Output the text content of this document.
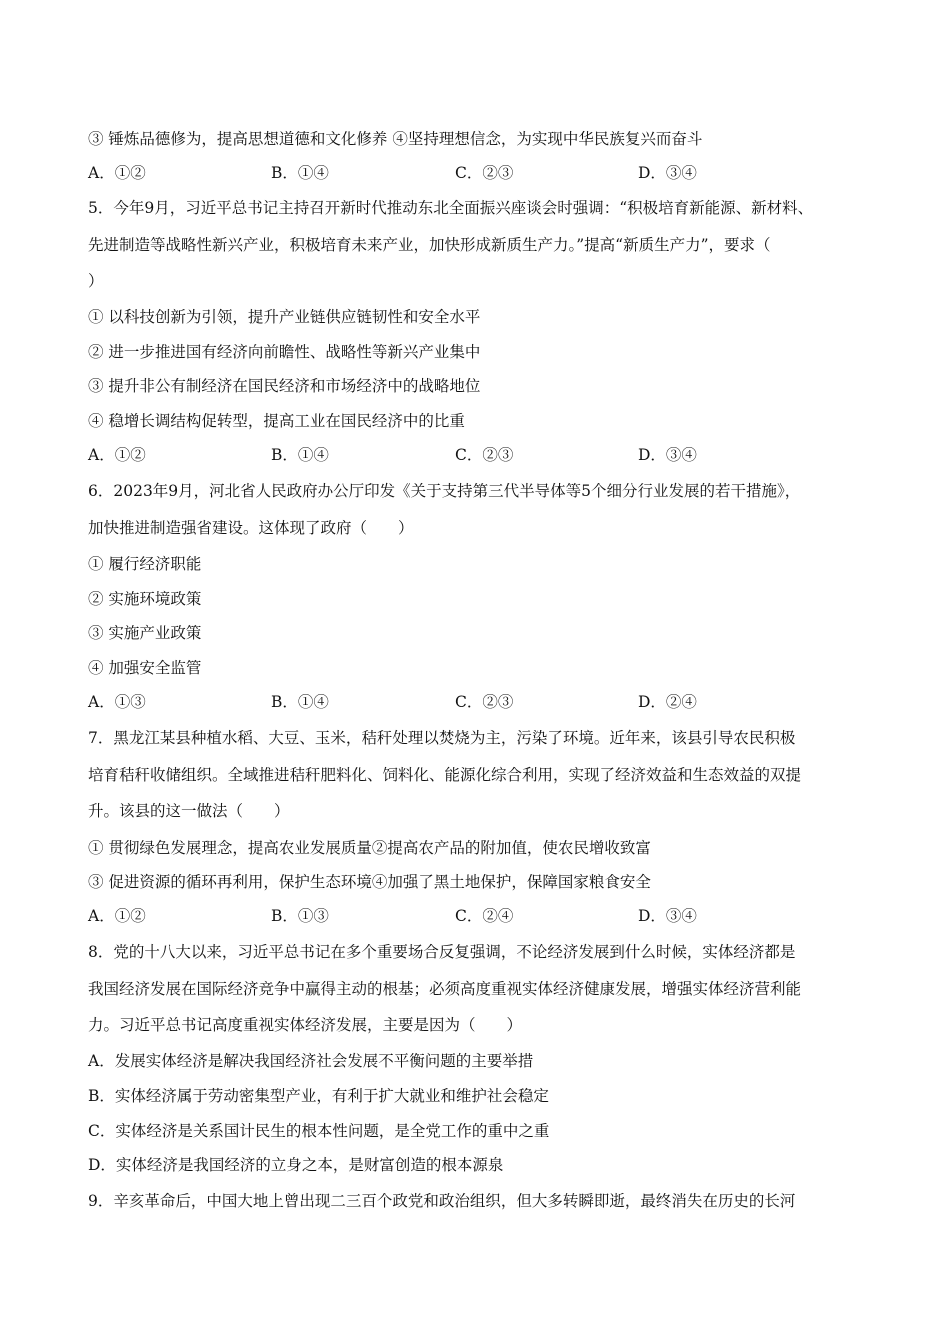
③ 锤炼品德修为，提高思想道德和文化修养 ④坚持理想信念，为实现中华民族复兴而奋斗
A．①②	B．①④	C．②③	D．③④
5．今年9月，习近平总书记主持召开新时代推动东北全面振兴座谈会时强调：“积极培育新能源、新材料、
先进制造等战略性新兴产业，积极培育未来产业，加快形成新质生产力。”提高“新质生产力”，要求（
）
① 以科技创新为引领，提升产业链供应链韧性和安全水平
② 进一步推进国有经济向前瞻性、战略性等新兴产业集中
③ 提升非公有制经济在国民经济和市场经济中的战略地位
④ 稳增长调结构促转型，提高工业在国民经济中的比重
A．①②	B．①④	C．②③	D．③④
6．2023年9月，河北省人民政府办公厅印发《关于支持第三代半导体等5个细分行业发展的若干措施》，
加快推进制造强省建设。这体现了政府（　　）
① 履行经济职能
② 实施环境政策
③ 实施产业政策
④ 加强安全监管
A．①③	B．①④	C．②③	D．②④
7．黑龙江某县种植水稻、大豆、玉米，秸秆处理以焚烧为主，污染了环境。近年来，该县引导农民积极
培育秸秆收储组织。全域推进秸秆肥料化、饲料化、能源化综合利用，实现了经济效益和生态效益的双提
升。该县的这一做法（　　）
① 贯彻绿色发展理念，提高农业发展质量②提高农产品的附加值，使农民增收致富
③ 促进资源的循环再利用，保护生态环境④加强了黑土地保护，保障国家粮食安全
A．①②	B．①③	C．②④	D．③④
8．党的十八大以来，习近平总书记在多个重要场合反复强调，不论经济发展到什么时候，实体经济都是
我国经济发展在国际经济竞争中赢得主动的根基；必须高度重视实体经济健康发展，增强实体经济营利能
力。习近平总书记高度重视实体经济发展，主要是因为（　　）
A．发展实体经济是解决我国经济社会发展不平衡问题的主要举措
B．实体经济属于劳动密集型产业，有利于扩大就业和维护社会稳定
C．实体经济是关系国计民生的根本性问题，是全党工作的重中之重
D．实体经济是我国经济的立身之本，是财富创造的根本源泉
9．辛亥革命后，中国大地上曾出现二三百个政党和政治组织，但大多转瞬即逝，最终消失在历史的长河
